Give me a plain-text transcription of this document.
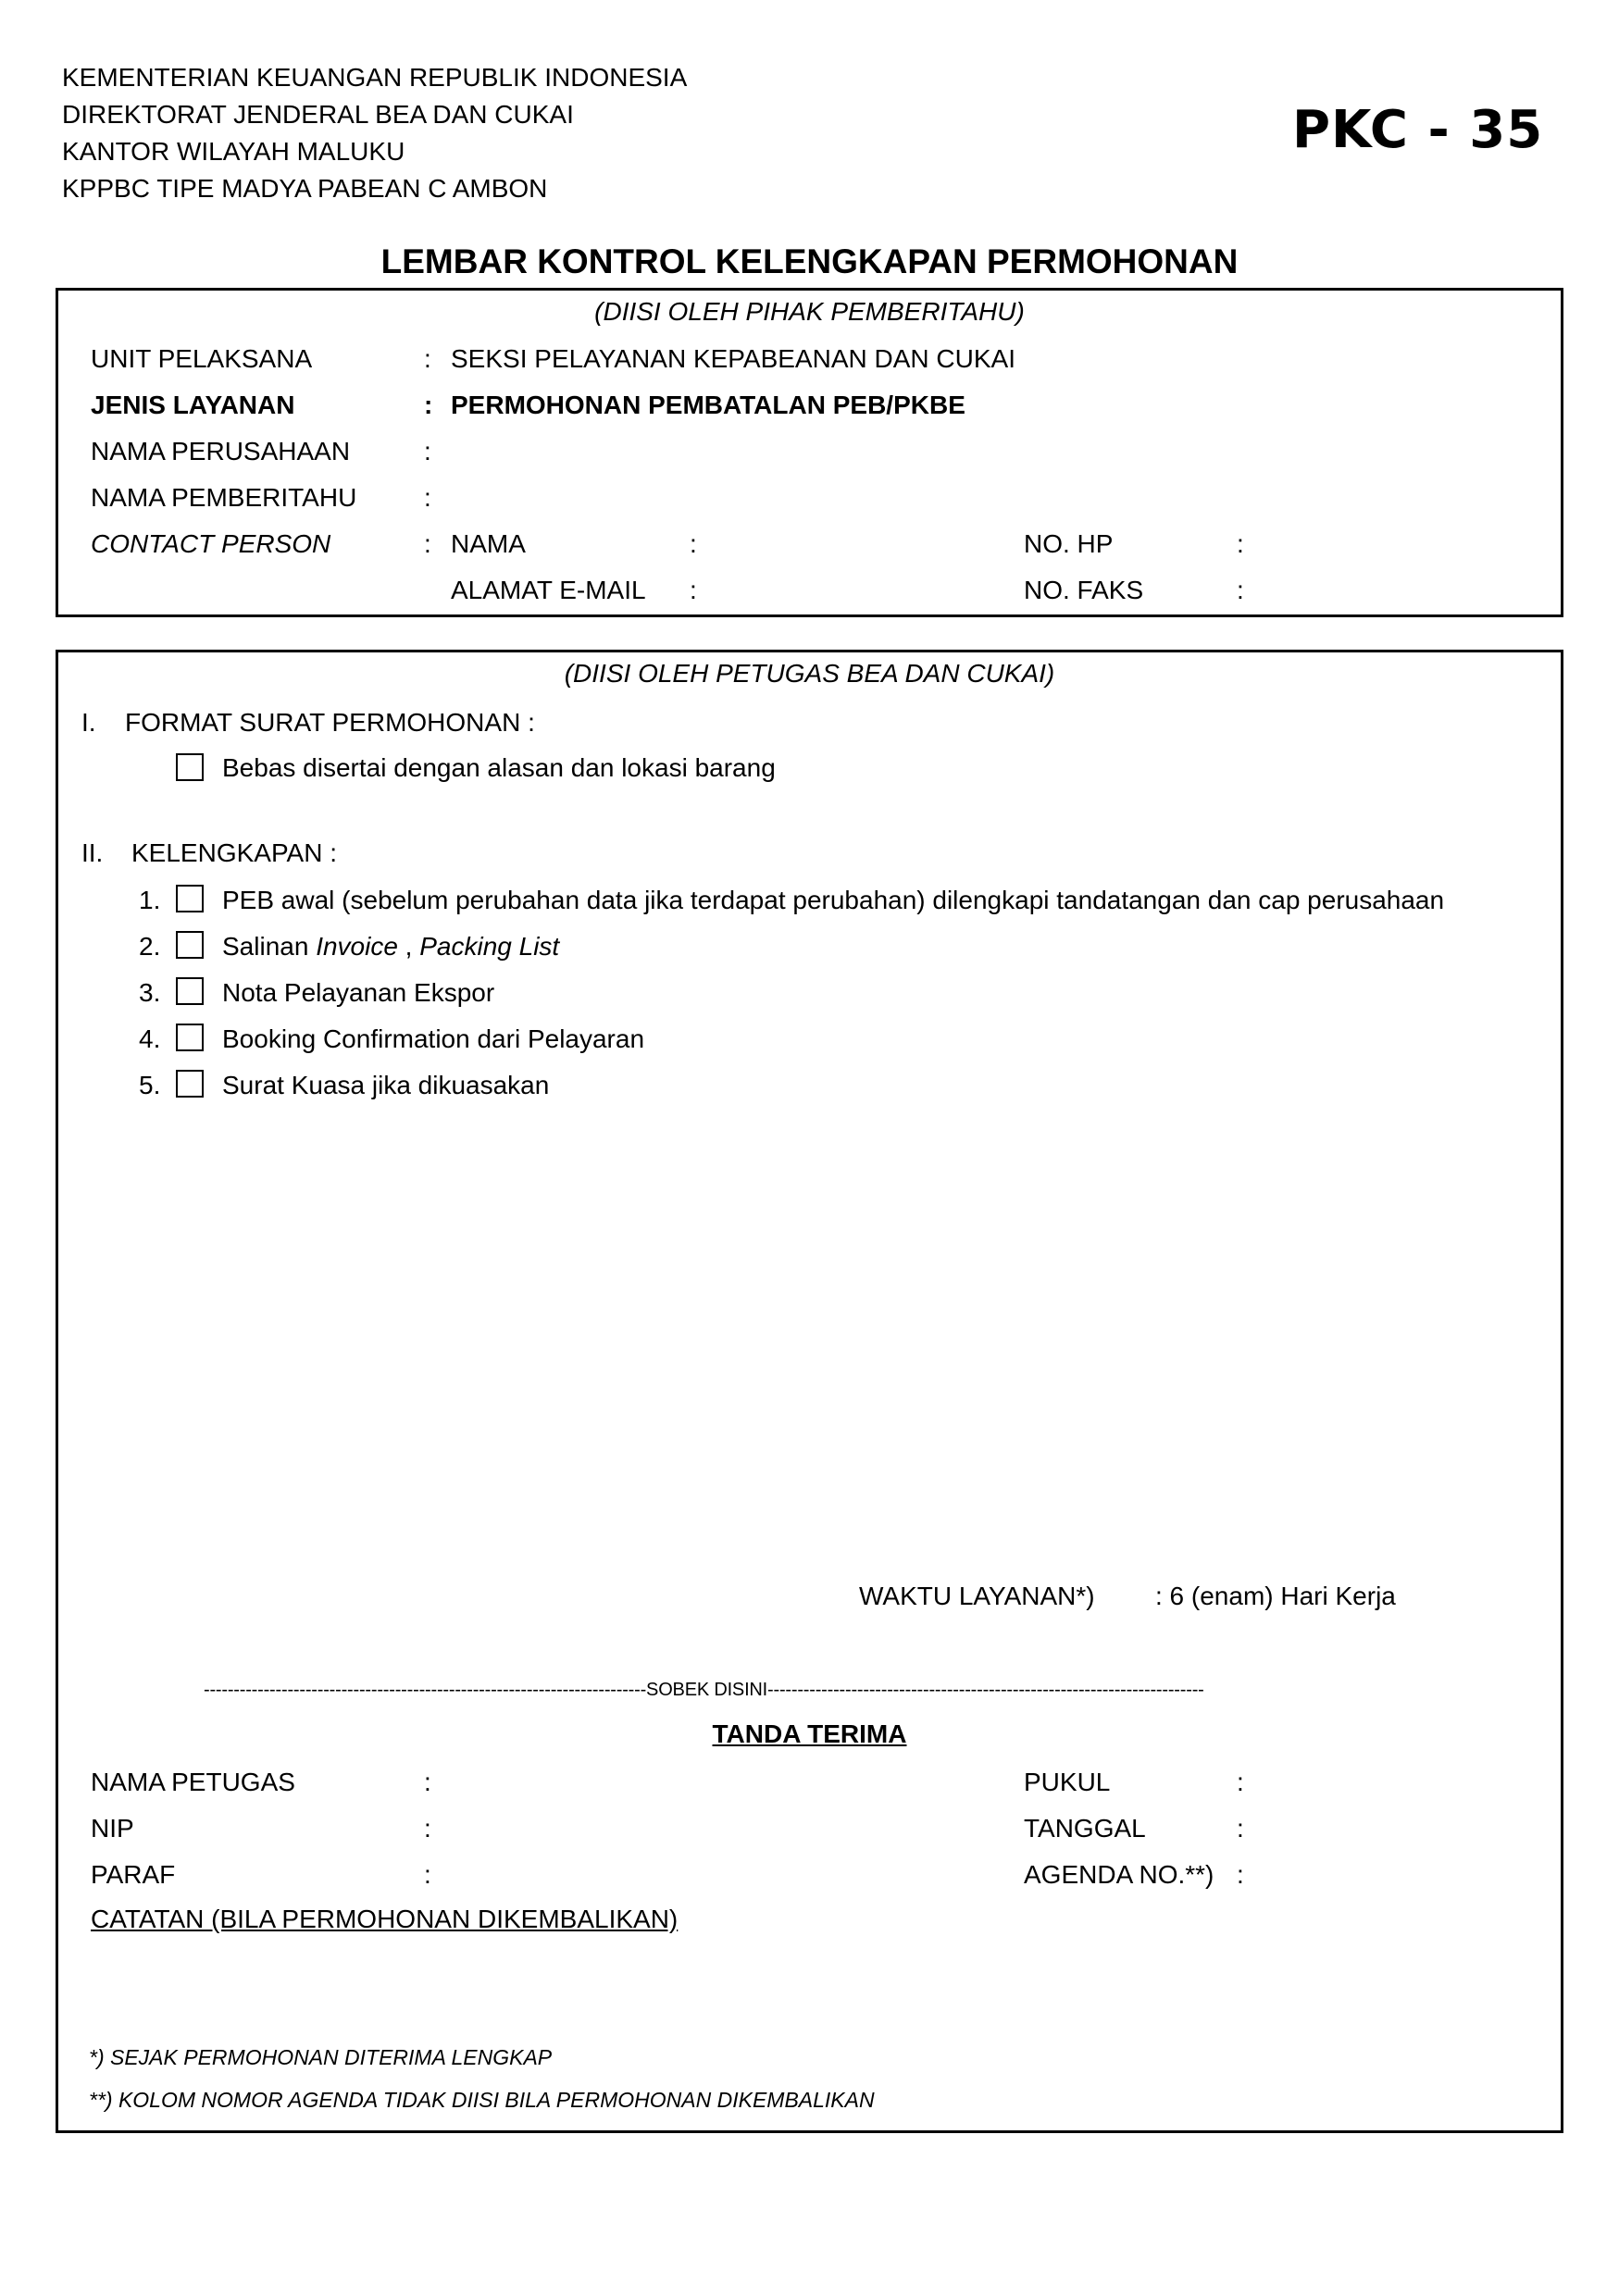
KEMENTERIAN KEUANGAN REPUBLIK INDONESIA
DIREKTORAT JENDERAL BEA DAN CUKAI
KANTOR WILAYAH MALUKU
KPPBC TIPE MADYA PABEAN C AMBON
PKC - 35
LEMBAR KONTROL KELENGKAPAN PERMOHONAN
(DIISI OLEH PIHAK PEMBERITAHU)
UNIT PELAKSANA	: SEKSI PELAYANAN KEPABEANAN DAN CUKAI
JENIS LAYANAN	: PERMOHONAN PEMBATALAN PEB/PKBE
NAMA PERUSAHAAN	:
NAMA PEMBERITAHU	:
CONTACT PERSON	: NAMA	:	NO. HP	:
ALAMAT E-MAIL :	NO. FAKS	:
(DIISI OLEH PETUGAS BEA DAN CUKAI)
I. FORMAT SURAT PERMOHONAN :
Bebas disertai dengan alasan dan lokasi barang
II. KELENGKAPAN :
1. PEB awal (sebelum perubahan data jika terdapat perubahan) dilengkapi tandatangan dan cap perusahaan
2. Salinan Invoice , Packing List
3. Nota Pelayanan Ekspor
4. Booking Confirmation dari Pelayaran
5. Surat Kuasa jika dikuasakan
WAKTU LAYANAN*) : 6 (enam) Hari Kerja
--------------------------------------------------------------------------SOBEK DISINI-------------------------------------------------------------------------
TANDA TERIMA
NAMA PETUGAS	:	PUKUL	:
NIP	:	TANGGAL	:
PARAF	:	AGENDA NO.**) :
CATATAN (BILA PERMOHONAN DIKEMBALIKAN)
*) SEJAK PERMOHONAN DITERIMA LENGKAP
**) KOLOM NOMOR AGENDA TIDAK DIISI BILA PERMOHONAN DIKEMBALIKAN
